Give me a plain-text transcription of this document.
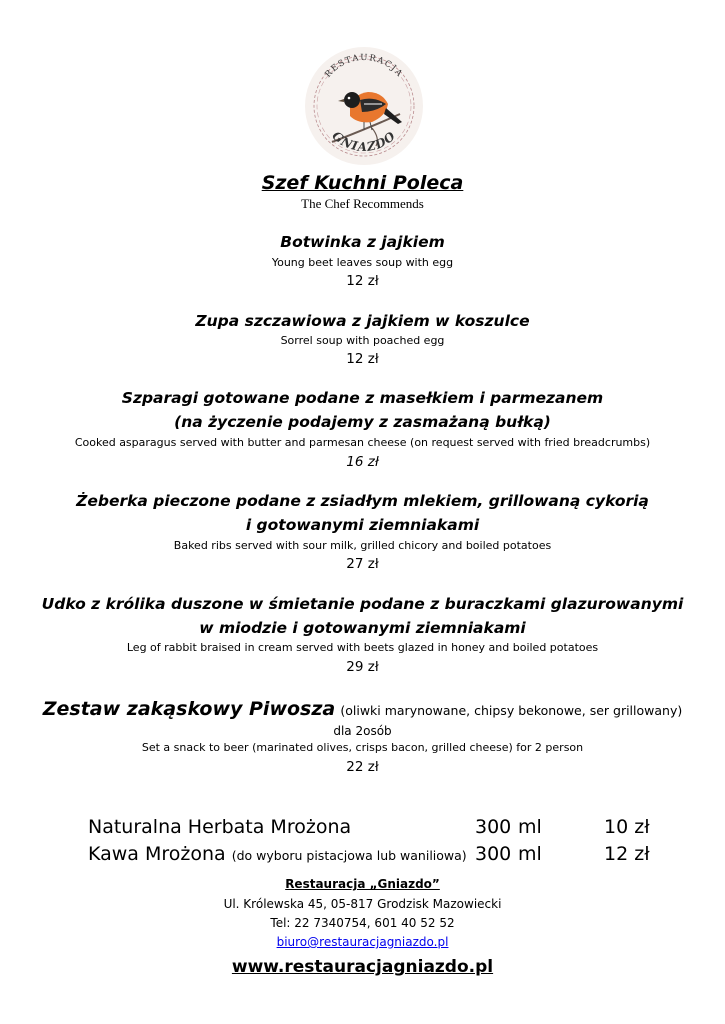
RESTAURACJA
GNIAZDO
Szef Kuchni Poleca
The Chef Recommends
Botwinka z jajkiem
Young beet leaves soup with egg
12 zł
Zupa szczawiowa z jajkiem w koszulce
Sorrel soup with poached egg
12 zł
Szparagi gotowane podane z masełkiem i parmezanem
(na życzenie podajemy z zasmażaną bułką)
Cooked asparagus served with butter and parmesan cheese (on request served with fried breadcrumbs)
16 zł
Żeberka pieczone podane z zsiadłym mlekiem, grillowaną cykorią
i gotowanymi ziemniakami
Baked ribs served with sour milk, grilled chicory and boiled potatoes
27 zł
Udko z królika duszone w śmietanie podane z buraczkami glazurowanymi
w miodzie i gotowanymi ziemniakami
Leg of rabbit braised in cream served with beets glazed in honey and boiled potatoes
29 zł
Zestaw zakąskowy Piwosza (oliwki marynowane, chipsy bekonowe, ser grillowany)
dla 2osób
Set a snack to beer (marinated olives, crisps bacon, grilled cheese) for 2 person
22 zł
Naturalna Herbata Mrożona	300 ml	10 zł
Kawa Mrożona (do wyboru pistacjowa lub waniliowa) 300 ml	12 zł
Restauracja „Gniazdo”
Ul. Królewska 45, 05-817 Grodzisk Mazowiecki
Tel: 22 7340754, 601 40 52 52
biuro@restauracjagniazdo.pl
www.restauracjagniazdo.pl
